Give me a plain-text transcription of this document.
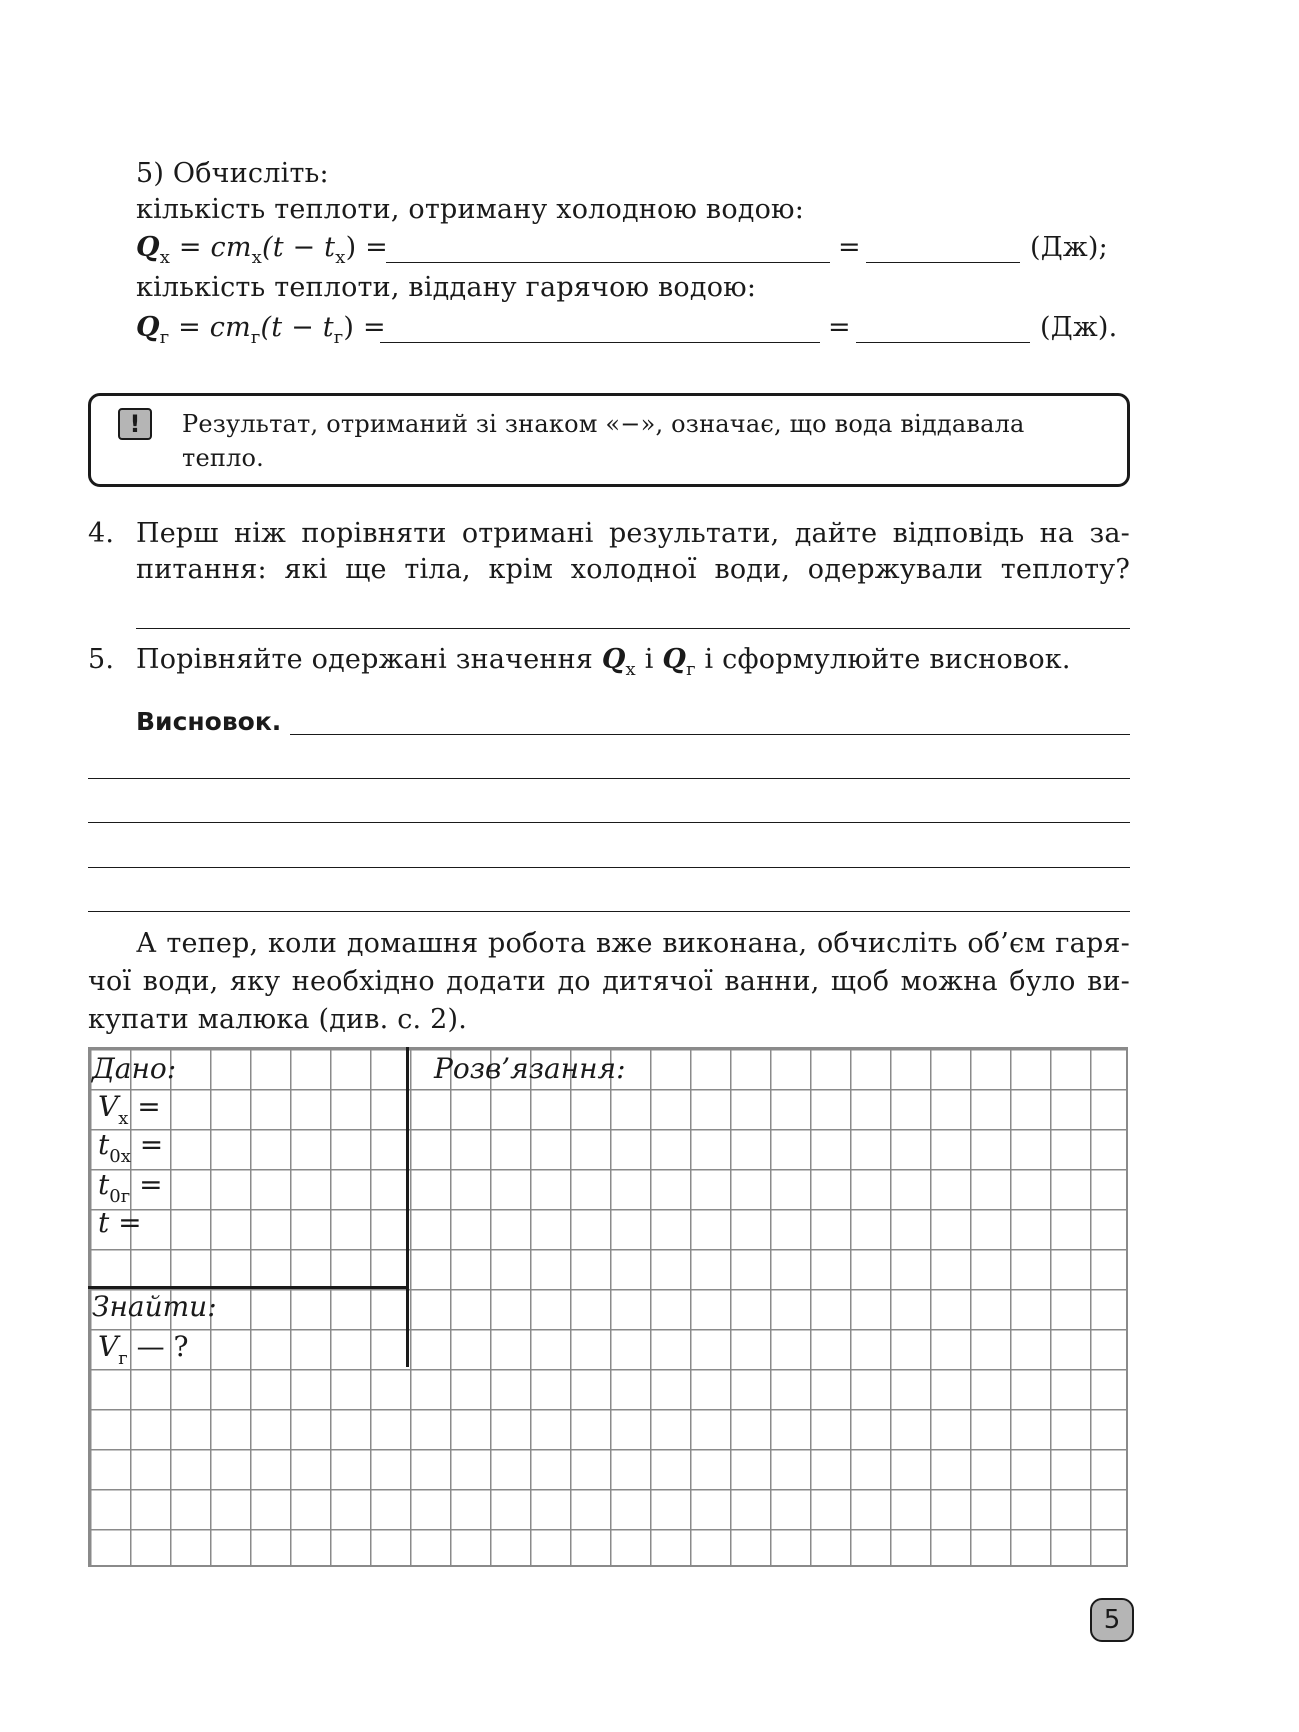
5) Обчисліть:
кількість теплоти, отриману холодною водою:
$Q_х = cm_х(t - t_х)$ =	=	(Дж);
кількість теплоти, віддану гарячою водою:
$Q_г = cm_г(t - t_г)$ =	=	(Дж).
!	Результат, отриманий зі знаком «−», означає, що вода віддавала
тепло.
4. Перш ніж порівняти отримані результати, дайте відповідь на за-
питання: які ще тіла, крім холодної води, одержували теплоту?
5. Порівняйте одержані значення $Q_х$ і $Q_г$ і сформулюйте висновок.
Висновок.
А тепер, коли домашня робота вже виконана, обчисліть об’єм гаря-
чої води, яку необхідно додати до дитячої ванни, щоб можна було ви-
купати малюка (див. с. 2).
Дано:	Розв’язання:
$V_х$ =
$t_{0х}$ =
$t_{0г}$ =
t =
Знайти:
$V_г$ — ?
5
